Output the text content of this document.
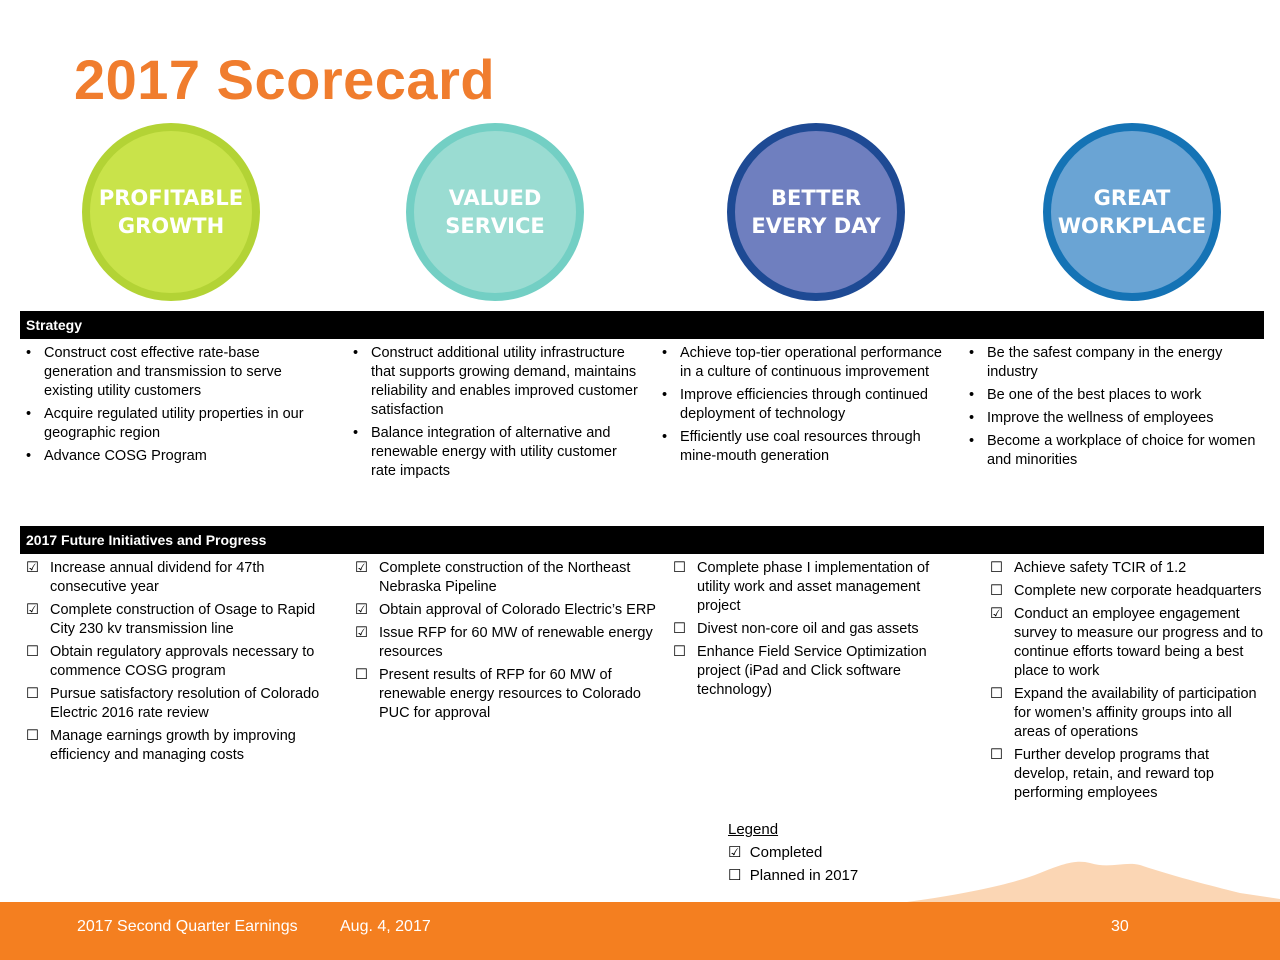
2017 Scorecard
PROFITABLE
GROWTH
VALUED
SERVICE
BETTER
EVERY DAY
GREAT
WORKPLACE
Strategy
• Construct cost effective rate-base generation and transmission to serve existing utility customers
• Acquire regulated utility properties in our geographic region
• Advance COSG Program
• Construct additional utility infrastructure that supports growing demand, maintains reliability and enables improved customer satisfaction
• Balance integration of alternative and renewable energy with utility customer rate impacts
• Achieve top-tier operational performance in a culture of continuous improvement
• Improve efficiencies through continued deployment of technology
• Efficiently use coal resources through mine-mouth generation
• Be the safest company in the energy industry
• Be one of the best places to work
• Improve the wellness of employees
• Become a workplace of choice for women and minorities
2017 Future Initiatives and Progress
☑ Increase annual dividend for 47th consecutive year
☑ Complete construction of Osage to Rapid City 230 kv transmission line
☐ Obtain regulatory approvals necessary to commence COSG program
☐ Pursue satisfactory resolution of Colorado Electric 2016 rate review
☐ Manage earnings growth by improving efficiency and managing costs
☑ Complete construction of the Northeast Nebraska Pipeline
☑ Obtain approval of Colorado Electric’s ERP
☑ Issue RFP for 60 MW of renewable energy resources
☐ Present results of RFP for 60 MW of renewable energy resources to Colorado PUC for approval
☐ Complete phase I implementation of utility work and asset management project
☐ Divest non-core oil and gas assets
☐ Enhance Field Service Optimization project (iPad and Click software technology)
☐ Achieve safety TCIR of 1.2
☐ Complete new corporate headquarters
☑ Conduct an employee engagement survey to measure our progress and to continue efforts toward being a best place to work
☐ Expand the availability of participation for women’s affinity groups into all areas of operations
☐ Further develop programs that develop, retain, and reward top performing employees
Legend
☑ Completed
☐ Planned in 2017
2017 Second Quarter Earnings	Aug. 4, 2017	30
